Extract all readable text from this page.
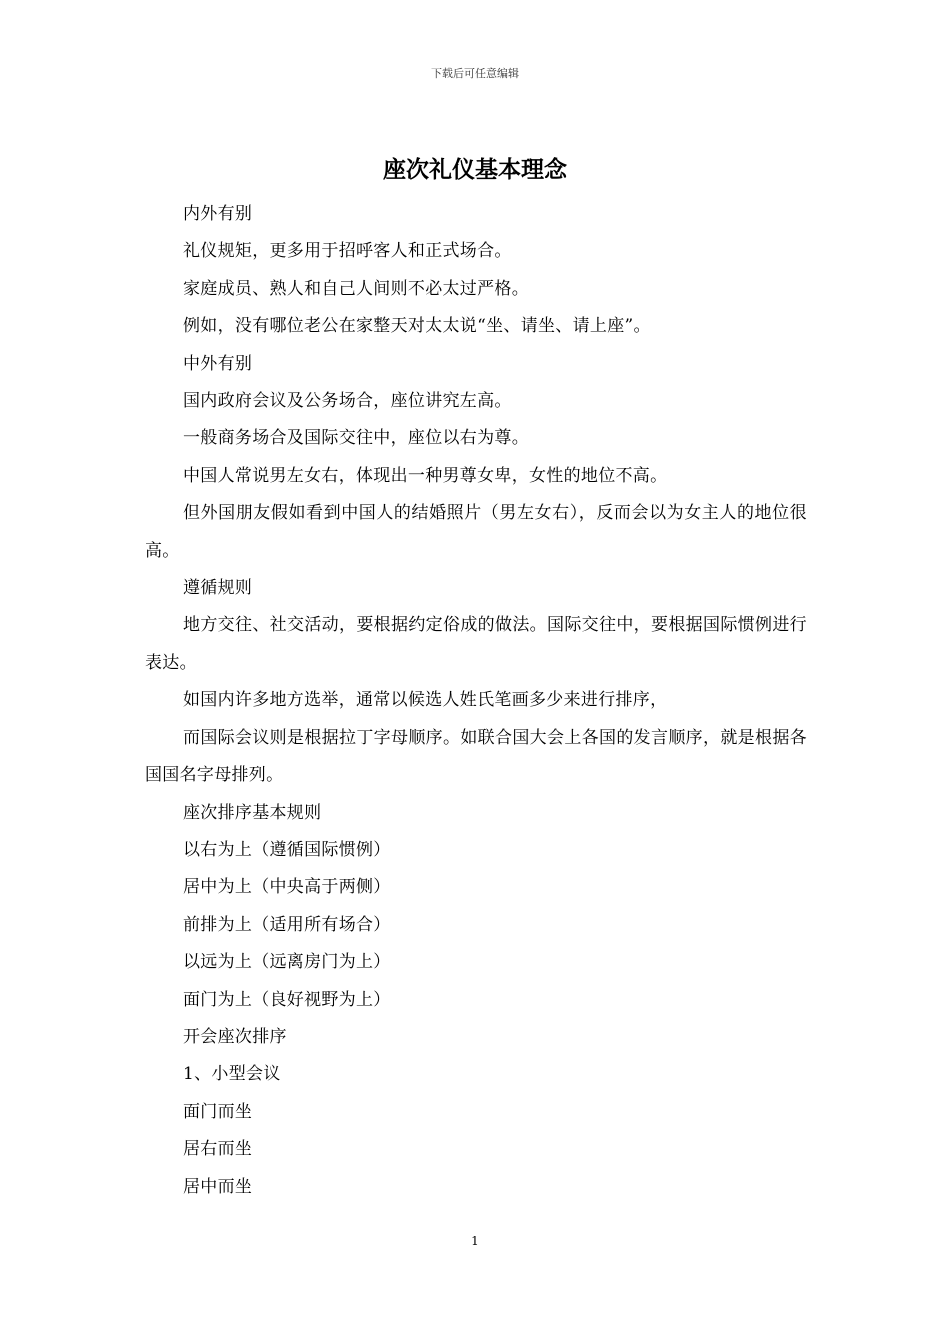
下载后可任意编辑
座次礼仪基本理念

内外有别

礼仪规矩，更多用于招呼客人和正式场合。

家庭成员、熟人和自己人间则不必太过严格。

例如，没有哪位老公在家整天对太太说“坐、请坐、请上座”。

中外有别

国内政府会议及公务场合，座位讲究左高。

一般商务场合及国际交往中，座位以右为尊。

中国人常说男左女右，体现出一种男尊女卑，女性的地位不高。

但外国朋友假如看到中国人的结婚照片（男左女右），反而会以为女主人的地位很高。

遵循规则

地方交往、社交活动，要根据约定俗成的做法。国际交往中，要根据国际惯例进行表达。

如国内许多地方选举，通常以候选人姓氏笔画多少来进行排序，

而国际会议则是根据拉丁字母顺序。如联合国大会上各国的发言顺序，就是根据各国国名字母排列。

座次排序基本规则

以右为上（遵循国际惯例）

居中为上（中央高于两侧）

前排为上（适用所有场合）

以远为上（远离房门为上）

面门为上（良好视野为上）

开会座次排序

1、小型会议

面门而坐

居右而坐

居中而坐

1
